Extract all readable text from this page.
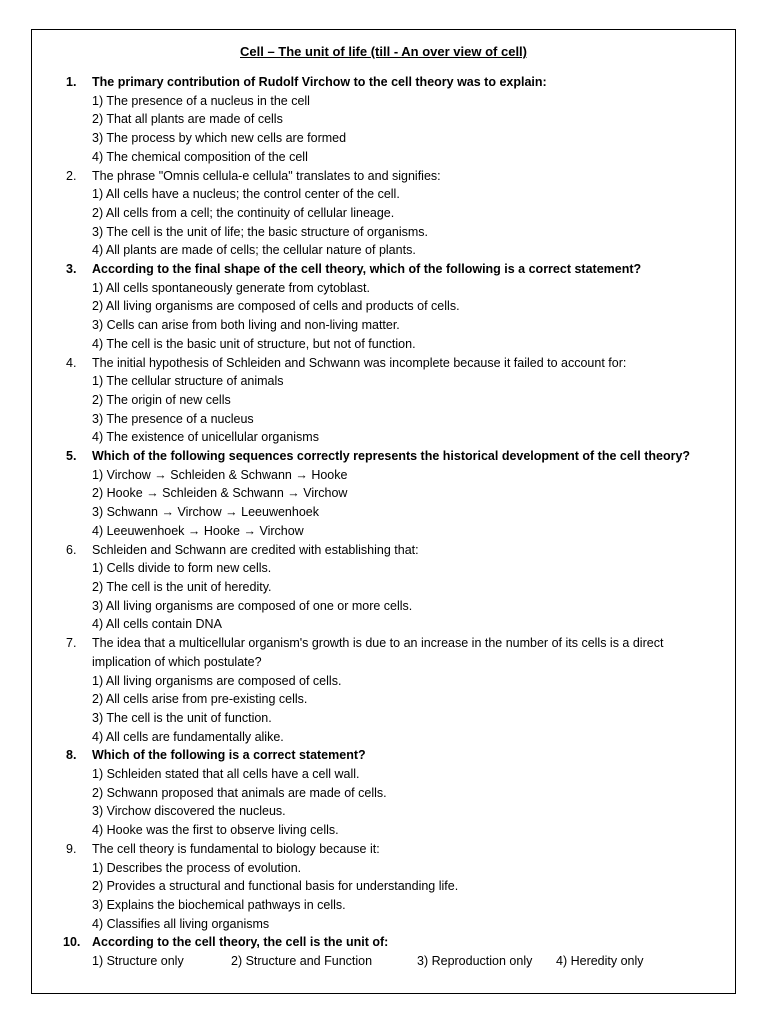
Cell – The unit of life (till - An over view of cell)
1.	The primary contribution of Rudolf Virchow to the cell theory was to explain:
1) The presence of a nucleus in the cell
2) That all plants are made of cells
3) The process by which new cells are formed
4) The chemical composition of the cell
2.	The phrase "Omnis cellula-e cellula" translates to and signifies:
1) All cells have a nucleus; the control center of the cell.
2) All cells from a cell; the continuity of cellular lineage.
3) The cell is the unit of life; the basic structure of organisms.
4) All plants are made of cells; the cellular nature of plants.
3.	According to the final shape of the cell theory, which of the following is a correct statement?
1) All cells spontaneously generate from cytoblast.
2) All living organisms are composed of cells and products of cells.
3) Cells can arise from both living and non-living matter.
4) The cell is the basic unit of structure, but not of function.
4.	The initial hypothesis of Schleiden and Schwann was incomplete because it failed to account for:
1) The cellular structure of animals
2) The origin of new cells
3) The presence of a nucleus
4) The existence of unicellular organisms
5.	Which of the following sequences correctly represents the historical development of the cell theory?
1) Virchow → Schleiden & Schwann → Hooke
2) Hooke → Schleiden & Schwann → Virchow
3) Schwann → Virchow → Leeuwenhoek
4) Leeuwenhoek → Hooke → Virchow
6.	Schleiden and Schwann are credited with establishing that:
1) Cells divide to form new cells.
2) The cell is the unit of heredity.
3) All living organisms are composed of one or more cells.
4) All cells contain DNA
7.	The idea that a multicellular organism's growth is due to an increase in the number of its cells is a direct implication of which postulate?
1) All living organisms are composed of cells.
2) All cells arise from pre-existing cells.
3) The cell is the unit of function.
4) All cells are fundamentally alike.
8.	Which of the following is a correct statement?
1) Schleiden stated that all cells have a cell wall.
2) Schwann proposed that animals are made of cells.
3) Virchow discovered the nucleus.
4) Hooke was the first to observe living cells.
9.	The cell theory is fundamental to biology because it:
1) Describes the process of evolution.
2) Provides a structural and functional basis for understanding life.
3) Explains the biochemical pathways in cells.
4) Classifies all living organisms
10. According to the cell theory, the cell is the unit of:
1) Structure only	2) Structure and Function	3) Reproduction only 4) Heredity only
